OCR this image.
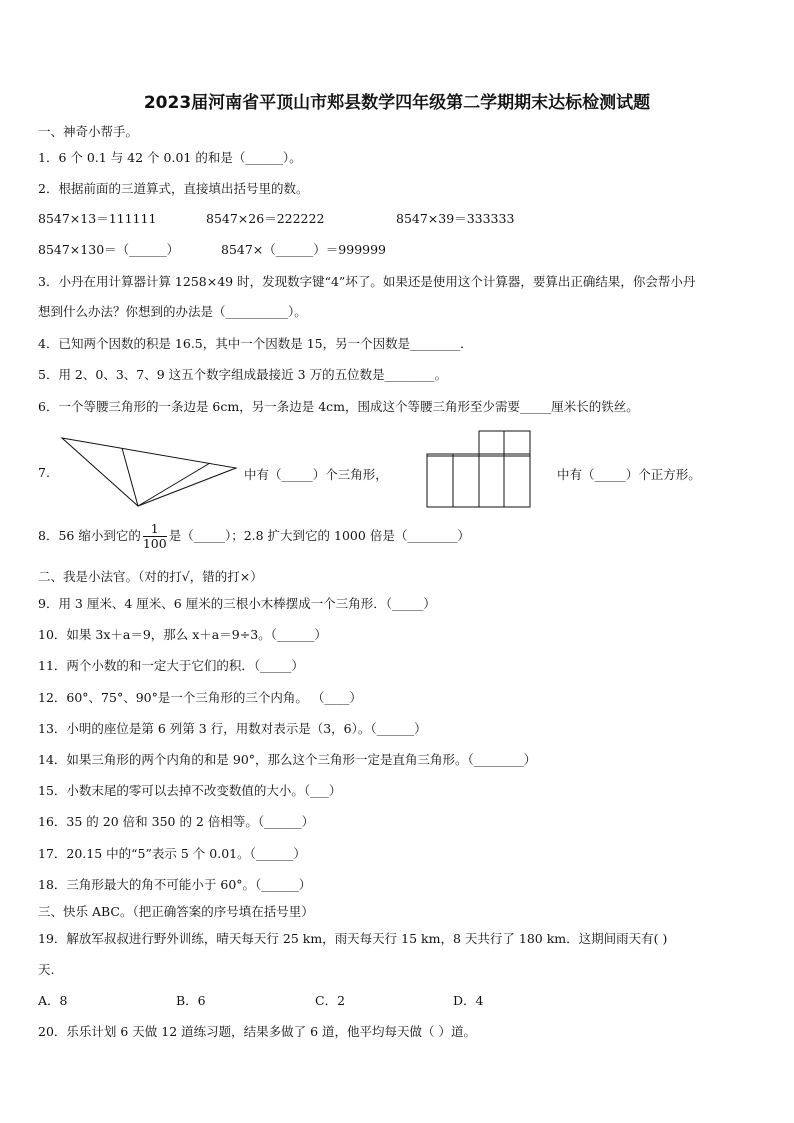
2023届河南省平顶山市郏县数学四年级第二学期期末达标检测试题
一、神奇小帮手。
1．6 个 0.1 与 42 个 0.01 的和是（______）。
2．根据前面的三道算式，直接填出括号里的数。
8547×13＝111111	8547×26＝222222	8547×39＝333333
8547×130＝（______）	8547×（______）＝999999
3．小丹在用计算器计算 1258×49 时，发现数字键“4”坏了。如果还是使用这个计算器，要算出正确结果，你会帮小丹
想到什么办法？你想到的办法是（__________）。
4．已知两个因数的积是 16.5，其中一个因数是 15，另一个因数是________．
5．用 2、0、3、7、9 这五个数字组成最接近 3 万的五位数是________。
6．一个等腰三角形的一条边是 6cm，另一条边是 4cm，围成这个等腰三角形至少需要_____厘米长的铁丝。
7.	中有（_____）个三角形，	中有（_____）个正方形。
8．56 缩小到它的 $\frac{1}{100}$ 是（_____）；2.8 扩大到它的 1000 倍是（________）
二、我是小法官。（对的打√，错的打×）
9．用 3 厘米、4 厘米、6 厘米的三根小木棒摆成一个三角形．（_____）
10．如果 3x＋a＝9，那么 x＋a＝9÷3。（______）
11．两个小数的和一定大于它们的积．（_____）
12．60°、75°、90°是一个三角形的三个内角。 （____）
13．小明的座位是第 6 列第 3 行，用数对表示是（3，6）。（______）
14．如果三角形的两个内角的和是 90°，那么这个三角形一定是直角三角形。（________）
15．小数末尾的零可以去掉不改变数值的大小。（___）
16．35 的 20 倍和 350 的 2 倍相等。（______）
17．20.15 中的“5”表示 5 个 0.01。（______）
18．三角形最大的角不可能小于 60°。（______）
三、快乐 ABC。（把正确答案的序号填在括号里）
19．解放军叔叔进行野外训练，晴天每天行 25 km，雨天每天行 15 km，8 天共行了 180 km．这期间雨天有( )
天.
A．8	B．6	C．2	D．4
20．乐乐计划 6 天做 12 道练习题，结果多做了 6 道，他平均每天做（ ）道。
